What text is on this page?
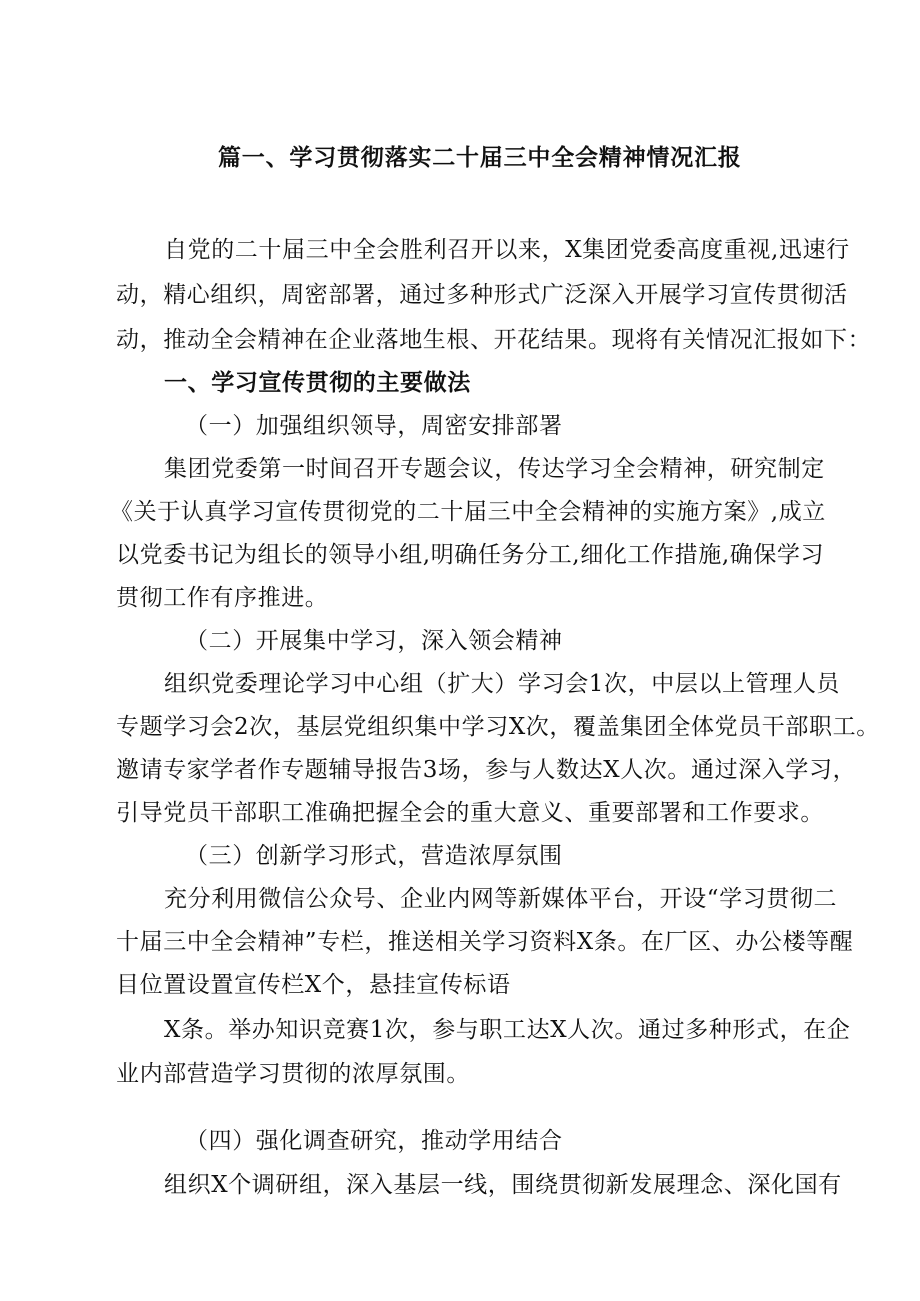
篇一、学习贯彻落实二十届三中全会精神情况汇报
自党的二十届三中全会胜利召开以来，X集团党委高度重视,迅速行
动，精心组织，周密部署，通过多种形式广泛深入开展学习宣传贯彻活
动，推动全会精神在企业落地生根、开花结果。现将有关情况汇报如下：
一、学习宣传贯彻的主要做法
（一）加强组织领导，周密安排部署
集团党委第一时间召开专题会议，传达学习全会精神，研究制定
《关于认真学习宣传贯彻党的二十届三中全会精神的实施方案》,成立
以党委书记为组长的领导小组,明确任务分工,细化工作措施,确保学习
贯彻工作有序推进。
（二）开展集中学习，深入领会精神
组织党委理论学习中心组（扩大）学习会1次，中层以上管理人员
专题学习会2次，基层党组织集中学习X次，覆盖集团全体党员干部职工。
邀请专家学者作专题辅导报告3场，参与人数达X人次。通过深入学习，
引导党员干部职工准确把握全会的重大意义、重要部署和工作要求。
（三）创新学习形式，营造浓厚氛围
充分利用微信公众号、企业内网等新媒体平台，开设“学习贯彻二
十届三中全会精神”专栏，推送相关学习资料X条。在厂区、办公楼等醒
目位置设置宣传栏X个，悬挂宣传标语
X条。举办知识竞赛1次，参与职工达X人次。通过多种形式，在企
业内部营造学习贯彻的浓厚氛围。
（四）强化调查研究，推动学用结合
组织X个调研组，深入基层一线，围绕贯彻新发展理念、深化国有
